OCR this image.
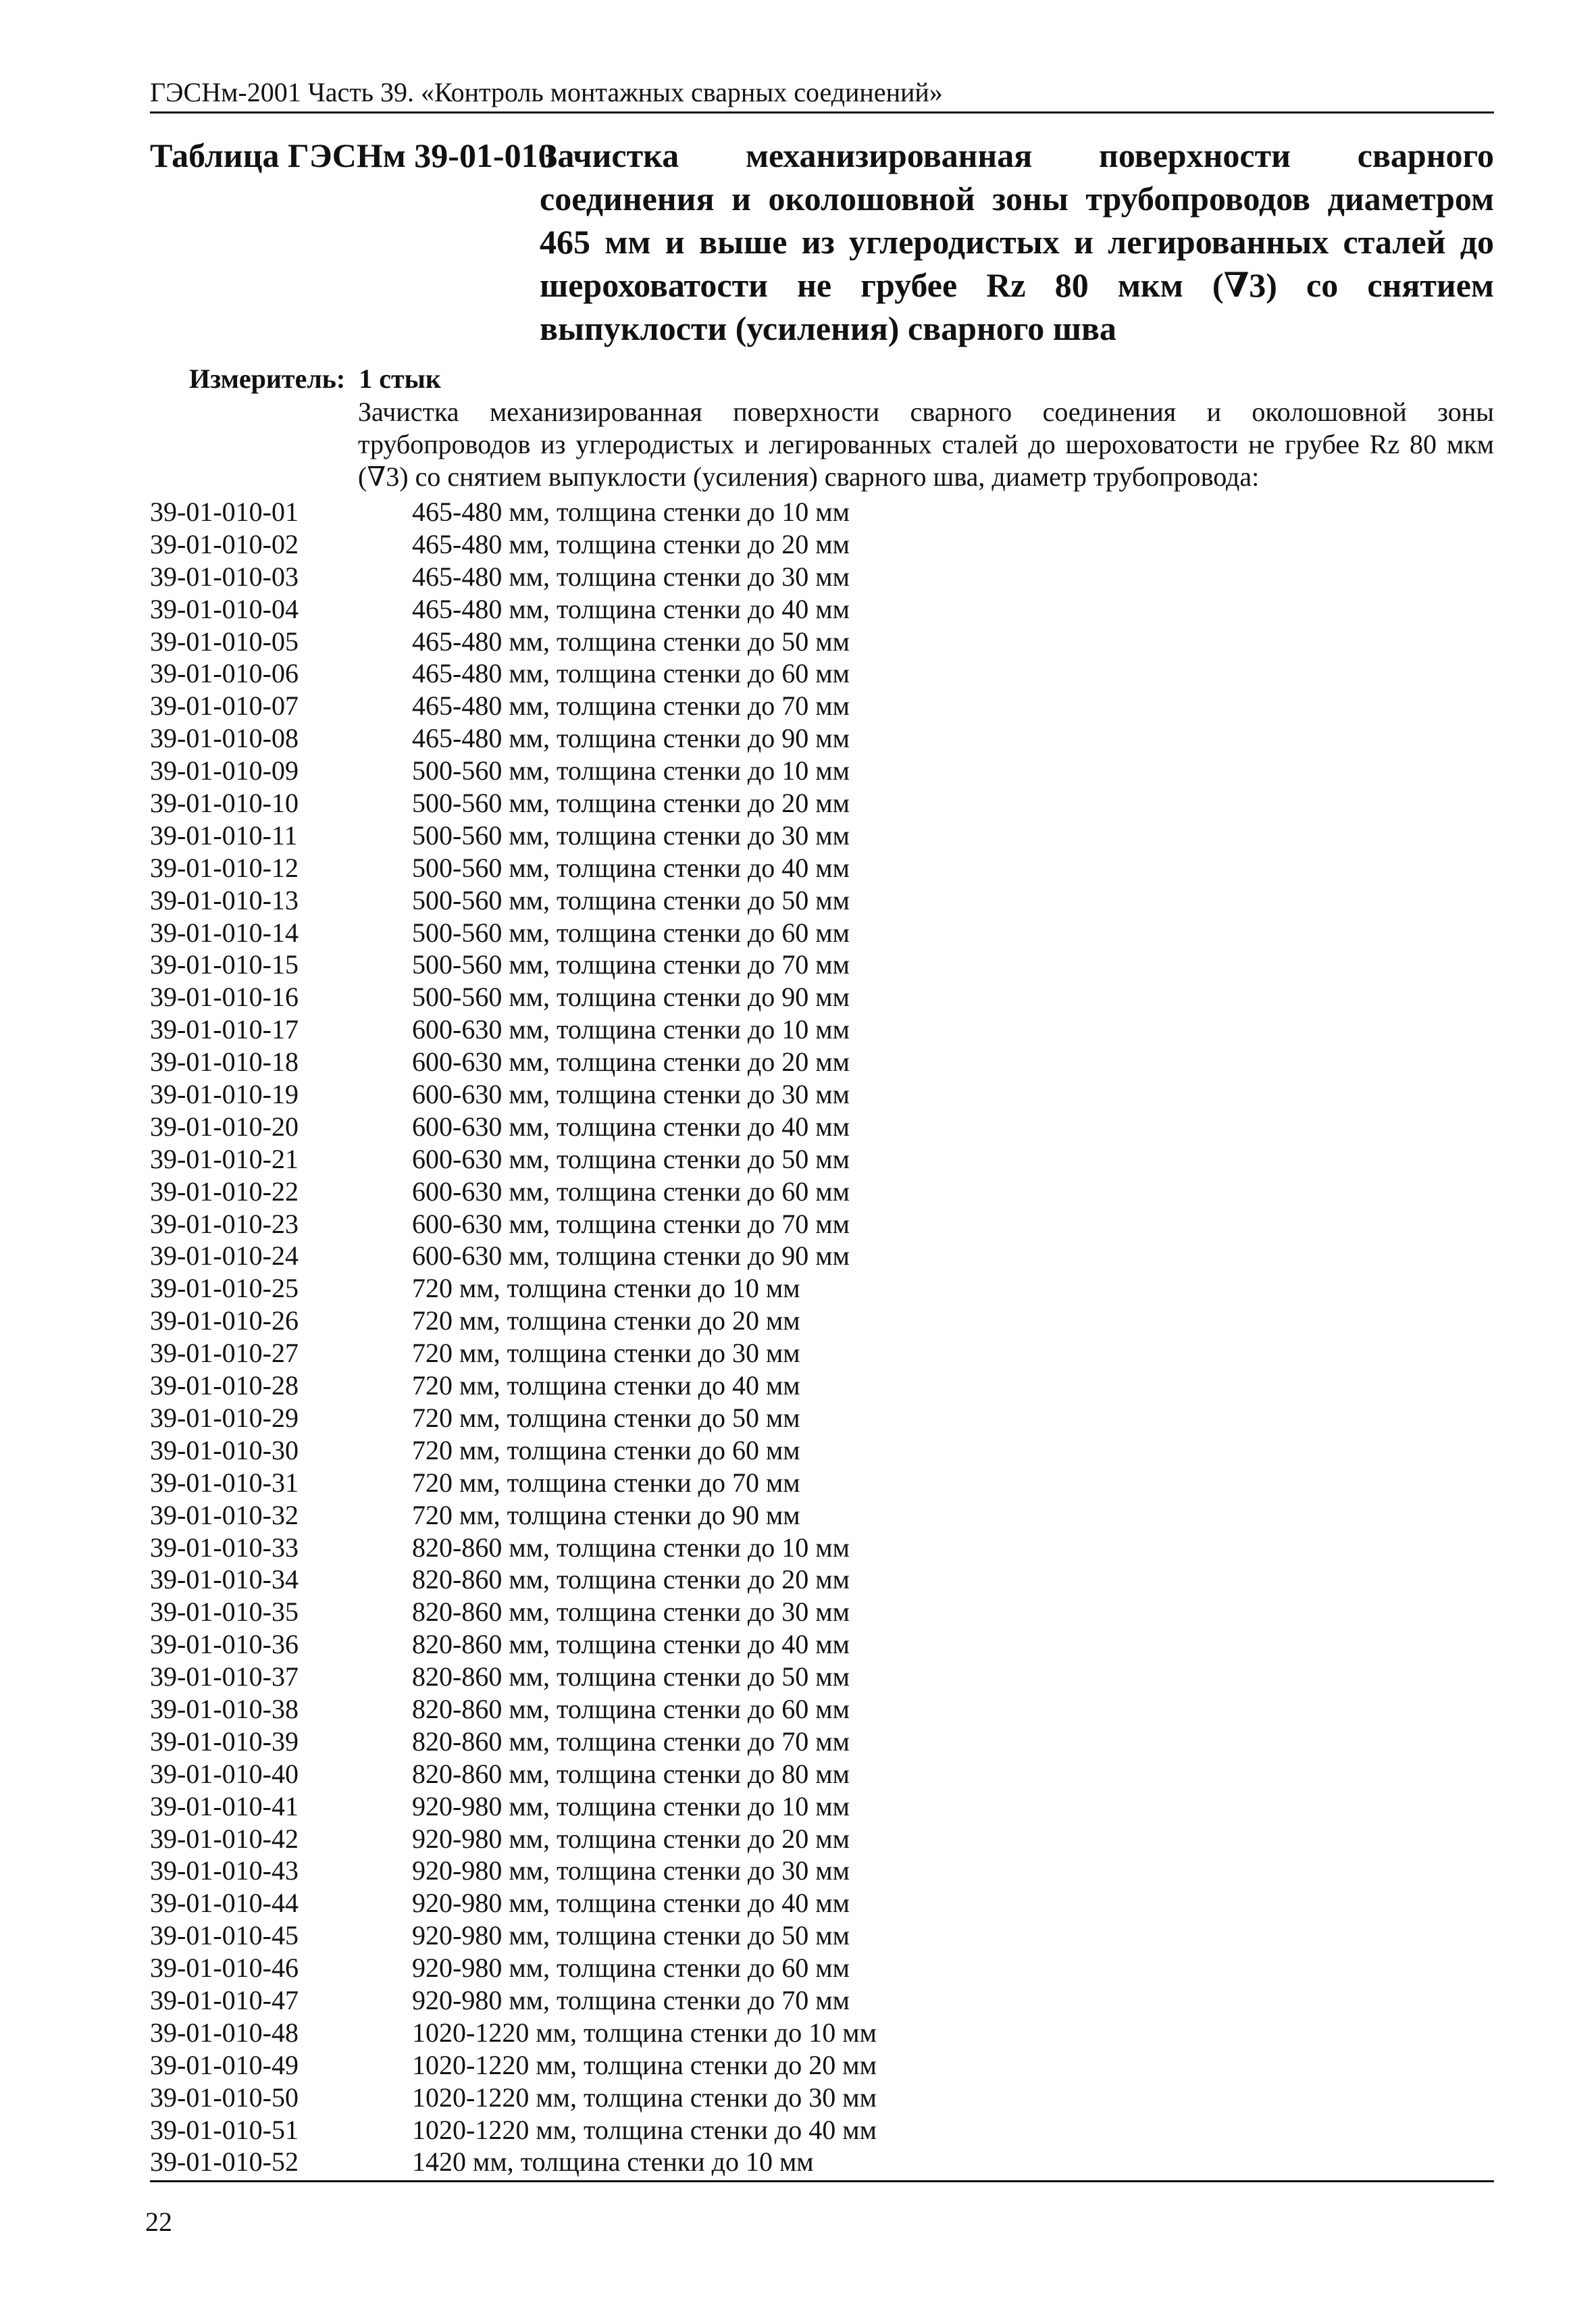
ГЭСНм-2001 Часть 39. «Контроль монтажных сварных соединений»
Таблица ГЭСНм 39-01-010
Зачистка механизированная поверхности сварного соединения и околошовной зоны трубопроводов диаметром 465 мм и выше из углеродистых и легированных сталей до шероховатости не грубее Rz 80 мкм (∇3) со снятием выпуклости (усиления) сварного шва
Измеритель: 1 стык
Зачистка механизированная поверхности сварного соединения и околошовной зоны трубопроводов из углеродистых и легированных сталей до шероховатости не грубее Rz 80 мкм (∇3) со снятием выпуклости (усиления) сварного шва, диаметр трубопровода:
39-01-010-01	465-480 мм, толщина стенки до 10 мм
39-01-010-02	465-480 мм, толщина стенки до 20 мм
39-01-010-03	465-480 мм, толщина стенки до 30 мм
39-01-010-04	465-480 мм, толщина стенки до 40 мм
39-01-010-05	465-480 мм, толщина стенки до 50 мм
39-01-010-06	465-480 мм, толщина стенки до 60 мм
39-01-010-07	465-480 мм, толщина стенки до 70 мм
39-01-010-08	465-480 мм, толщина стенки до 90 мм
39-01-010-09	500-560 мм, толщина стенки до 10 мм
39-01-010-10	500-560 мм, толщина стенки до 20 мм
39-01-010-11	500-560 мм, толщина стенки до 30 мм
39-01-010-12	500-560 мм, толщина стенки до 40 мм
39-01-010-13	500-560 мм, толщина стенки до 50 мм
39-01-010-14	500-560 мм, толщина стенки до 60 мм
39-01-010-15	500-560 мм, толщина стенки до 70 мм
39-01-010-16	500-560 мм, толщина стенки до 90 мм
39-01-010-17	600-630 мм, толщина стенки до 10 мм
39-01-010-18	600-630 мм, толщина стенки до 20 мм
39-01-010-19	600-630 мм, толщина стенки до 30 мм
39-01-010-20	600-630 мм, толщина стенки до 40 мм
39-01-010-21	600-630 мм, толщина стенки до 50 мм
39-01-010-22	600-630 мм, толщина стенки до 60 мм
39-01-010-23	600-630 мм, толщина стенки до 70 мм
39-01-010-24	600-630 мм, толщина стенки до 90 мм
39-01-010-25	720 мм, толщина стенки до 10 мм
39-01-010-26	720 мм, толщина стенки до 20 мм
39-01-010-27	720 мм, толщина стенки до 30 мм
39-01-010-28	720 мм, толщина стенки до 40 мм
39-01-010-29	720 мм, толщина стенки до 50 мм
39-01-010-30	720 мм, толщина стенки до 60 мм
39-01-010-31	720 мм, толщина стенки до 70 мм
39-01-010-32	720 мм, толщина стенки до 90 мм
39-01-010-33	820-860 мм, толщина стенки до 10 мм
39-01-010-34	820-860 мм, толщина стенки до 20 мм
39-01-010-35	820-860 мм, толщина стенки до 30 мм
39-01-010-36	820-860 мм, толщина стенки до 40 мм
39-01-010-37	820-860 мм, толщина стенки до 50 мм
39-01-010-38	820-860 мм, толщина стенки до 60 мм
39-01-010-39	820-860 мм, толщина стенки до 70 мм
39-01-010-40	820-860 мм, толщина стенки до 80 мм
39-01-010-41	920-980 мм, толщина стенки до 10 мм
39-01-010-42	920-980 мм, толщина стенки до 20 мм
39-01-010-43	920-980 мм, толщина стенки до 30 мм
39-01-010-44	920-980 мм, толщина стенки до 40 мм
39-01-010-45	920-980 мм, толщина стенки до 50 мм
39-01-010-46	920-980 мм, толщина стенки до 60 мм
39-01-010-47	920-980 мм, толщина стенки до 70 мм
39-01-010-48	1020-1220 мм, толщина стенки до 10 мм
39-01-010-49	1020-1220 мм, толщина стенки до 20 мм
39-01-010-50	1020-1220 мм, толщина стенки до 30 мм
39-01-010-51	1020-1220 мм, толщина стенки до 40 мм
39-01-010-52	1420 мм, толщина стенки до 10 мм
22
